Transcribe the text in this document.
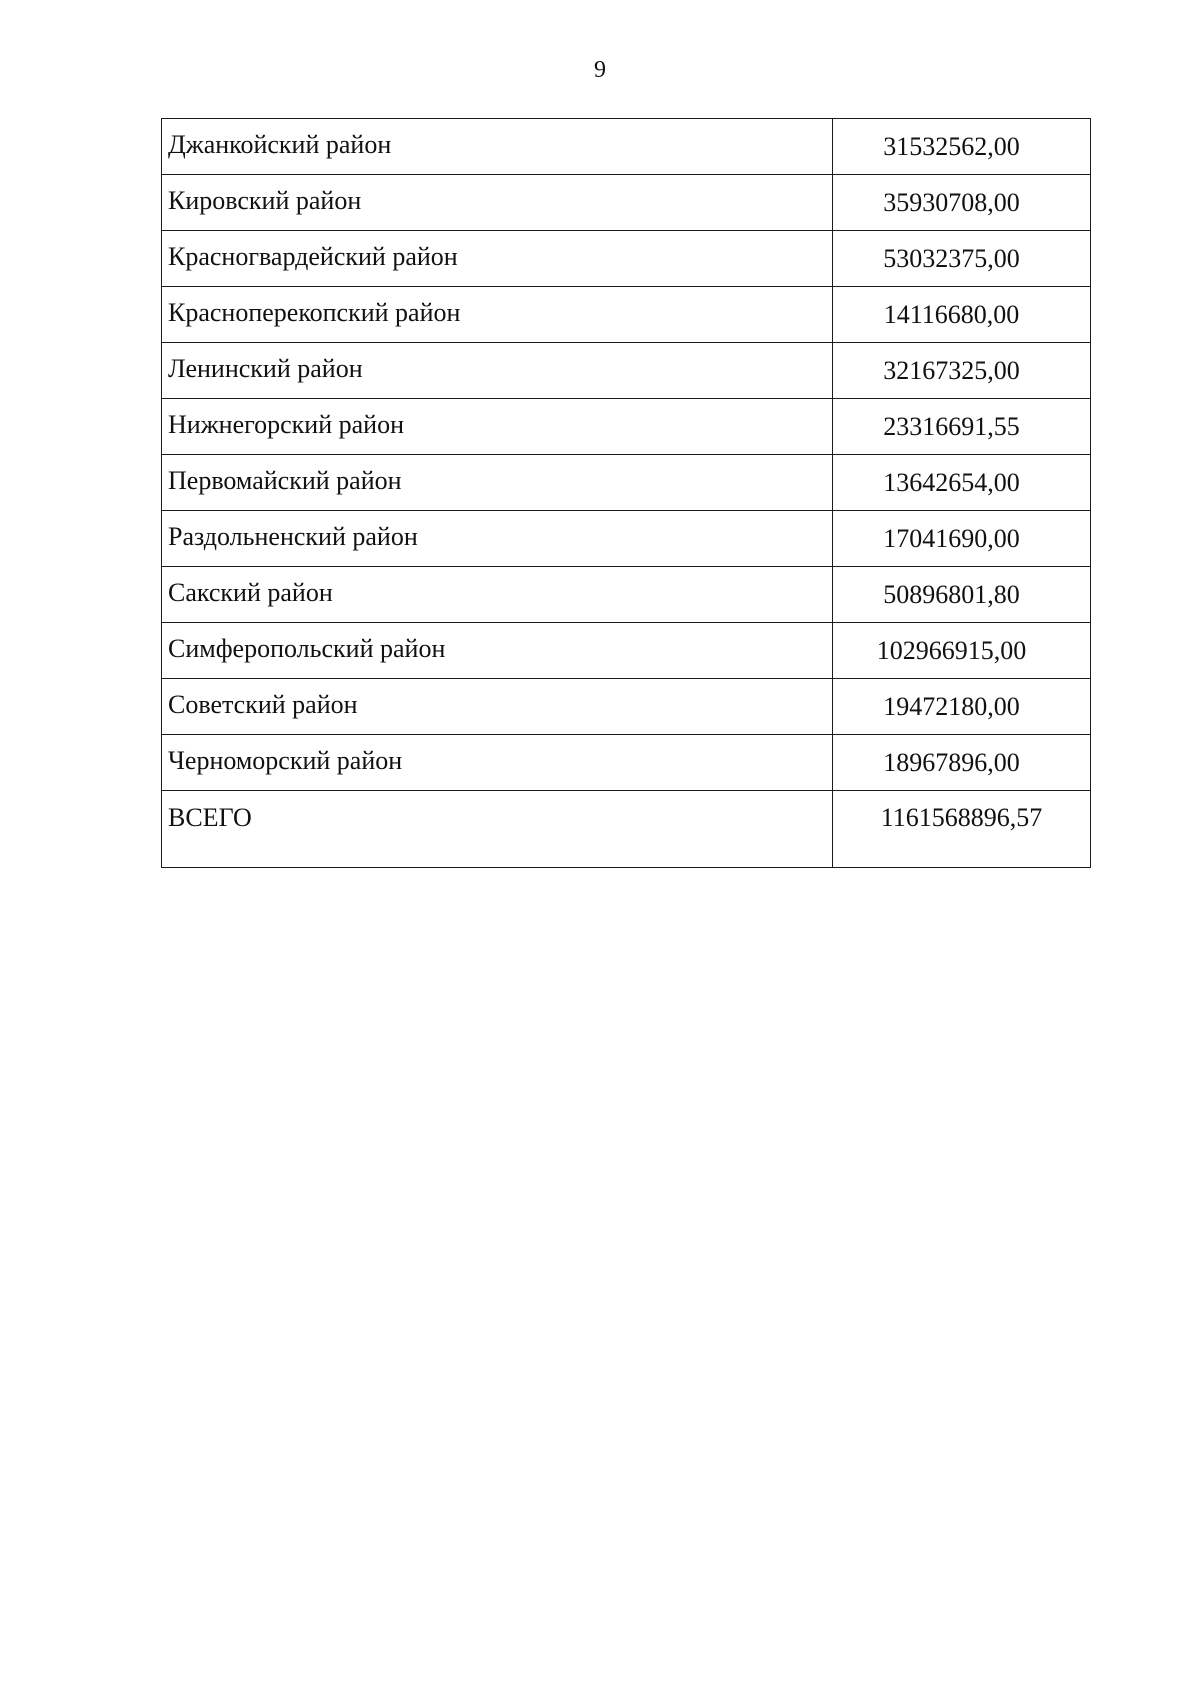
9
Джанкойский район	31532562,00
Кировский район	35930708,00
Красногвардейский район	53032375,00
Красноперекопский район	14116680,00
Ленинский район	32167325,00
Нижнегорский район	23316691,55
Первомайский район	13642654,00
Раздольненский район	17041690,00
Сакский район	50896801,80
Симферопольский район	102966915,00
Советский район	19472180,00
Черноморский район	18967896,00
ВСЕГО	1161568896,57
